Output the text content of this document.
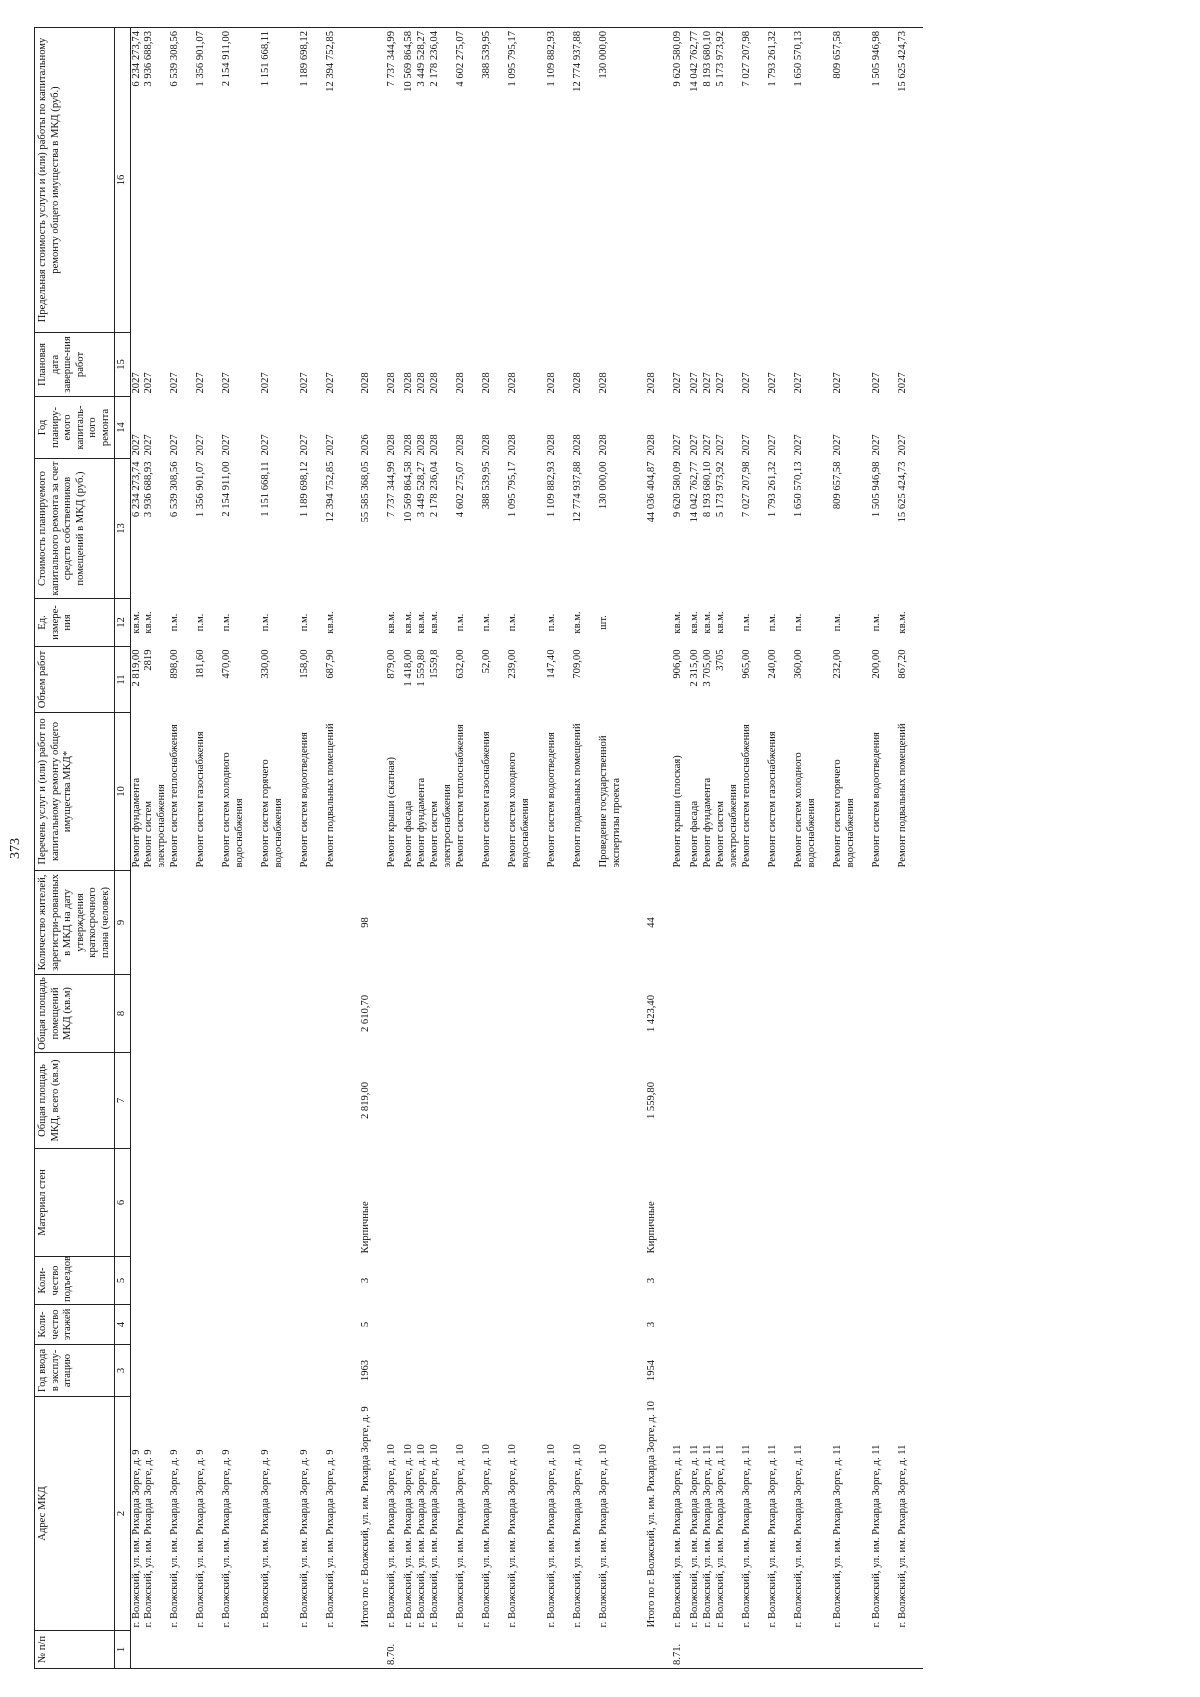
373
№ п/п	Адрес МКД	Год ввода в эксплу-атацию	Коли-чество этажей	Коли-чество подъездов	Материал стен	Общая площадь МКД, всего (кв.м)	Общая площадь помещений МКД (кв.м)	Количество жителей, зарегистри-рованных в МКД на дату утверждения краткосрочного плана (человек)	Перечень услуг и (или) работ по капитальному ремонту общего имущества МКД*	Объем работ	Ед. измере-ния	Стоимость планируемого капитального ремонта за счет средств собственников помещений в МКД (руб.)	Год планиру-емого капиталь-ного ремонта	Плановая дата заверше-ния работ	Предельная стоимость услуги и (или) работы по капитальному ремонту общего имущества в МКД (руб.)
1	2	3	4	5	6	7	8	9	10	11	12	13	14	15	16
	г. Волжский, ул. им. Рихарда Зорге, д. 9								Ремонт фундамента	2 819,00	кв.м.	6 234 273,74	2027	2027	6 234 273,74
	г. Волжский, ул. им. Рихарда Зорге, д. 9								Ремонт систем электроснабжения	2819	кв.м.	3 936 688,93	2027	2027	3 936 688,93
	г. Волжский, ул. им. Рихарда Зорге, д. 9								Ремонт систем теплоснабжения	898,00	п.м.	6 539 308,56	2027	2027	6 539 308,56
	г. Волжский, ул. им. Рихарда Зорге, д. 9								Ремонт систем газоснабжения	181,60	п.м.	1 356 901,07	2027	2027	1 356 901,07
	г. Волжский, ул. им. Рихарда Зорге, д. 9								Ремонт систем холодного водоснабжения	470,00	п.м.	2 154 911,00	2027	2027	2 154 911,00
	г. Волжский, ул. им. Рихарда Зорге, д. 9								Ремонт систем горячего водоснабжения	330,00	п.м.	1 151 668,11	2027	2027	1 151 668,11
	г. Волжский, ул. им. Рихарда Зорге, д. 9								Ремонт систем водоотведения	158,00	п.м.	1 189 698,12	2027	2027	1 189 698,12
	г. Волжский, ул. им. Рихарда Зорге, д. 9								Ремонт подвальных помещений	687,90	кв.м.	12 394 752,85	2027	2027	12 394 752,85
	Итого по г. Волжский, ул. им. Рихарда Зорге, д. 9	1963	5	3	Кирпичные	2 819,00	2 610,70	98				55 585 368,05	2026	2028	
8.70.	г. Волжский, ул. им. Рихарда Зорге, д. 10								Ремонт крыши (скатная)	879,00	кв.м.	7 737 344,99	2028	2028	7 737 344,99
	г. Волжский, ул. им. Рихарда Зорге, д. 10								Ремонт фасада	1 418,00	кв.м.	10 569 864,58	2028	2028	10 569 864,58
	г. Волжский, ул. им. Рихарда Зорге, д. 10								Ремонт фундамента	1 559,80	кв.м.	3 449 528,27	2028	2028	3 449 528,27
	г. Волжский, ул. им. Рихарда Зорге, д. 10								Ремонт систем электроснабжения	1559,8	кв.м.	2 178 236,04	2028	2028	2 178 236,04
	г. Волжский, ул. им. Рихарда Зорге, д. 10								Ремонт систем теплоснабжения	632,00	п.м.	4 602 275,07	2028	2028	4 602 275,07
	г. Волжский, ул. им. Рихарда Зорге, д. 10								Ремонт систем газоснабжения	52,00	п.м.	388 539,95	2028	2028	388 539,95
	г. Волжский, ул. им. Рихарда Зорге, д. 10								Ремонт систем холодного водоснабжения	239,00	п.м.	1 095 795,17	2028	2028	1 095 795,17
	г. Волжский, ул. им. Рихарда Зорге, д. 10								Ремонт систем водоотведения	147,40	п.м.	1 109 882,93	2028	2028	1 109 882,93
	г. Волжский, ул. им. Рихарда Зорге, д. 10								Ремонт подвальных помещений	709,00	кв.м.	12 774 937,88	2028	2028	12 774 937,88
	г. Волжский, ул. им. Рихарда Зорге, д. 10								Проведение государственной экспертизы проекта		шт.	130 000,00	2028	2028	130 000,00
	Итого по г. Волжский, ул. им. Рихарда Зорге, д. 10	1954	3	3	Кирпичные	1 559,80	1 423,40	44				44 036 404,87	2028	2028	
8.71.	г. Волжский, ул. им. Рихарда Зорге, д. 11								Ремонт крыши (плоская)	906,00	кв.м.	9 620 580,09	2027	2027	9 620 580,09
	г. Волжский, ул. им. Рихарда Зорге, д. 11								Ремонт фасада	2 315,00	кв.м.	14 042 762,77	2027	2027	14 042 762,77
	г. Волжский, ул. им. Рихарда Зорге, д. 11								Ремонт фундамента	3 705,00	кв.м.	8 193 680,10	2027	2027	8 193 680,10
	г. Волжский, ул. им. Рихарда Зорге, д. 11								Ремонт систем электроснабжения	3705	кв.м.	5 173 973,92	2027	2027	5 173 973,92
	г. Волжский, ул. им. Рихарда Зорге, д. 11								Ремонт систем теплоснабжения	965,00	п.м.	7 027 207,98	2027	2027	7 027 207,98
	г. Волжский, ул. им. Рихарда Зорге, д. 11								Ремонт систем газоснабжения	240,00	п.м.	1 793 261,32	2027	2027	1 793 261,32
	г. Волжский, ул. им. Рихарда Зорге, д. 11								Ремонт систем холодного водоснабжения	360,00	п.м.	1 650 570,13	2027	2027	1 650 570,13
	г. Волжский, ул. им. Рихарда Зорге, д. 11								Ремонт систем горячего водоснабжения	232,00	п.м.	809 657,58	2027	2027	809 657,58
	г. Волжский, ул. им. Рихарда Зорге, д. 11								Ремонт систем водоотведения	200,00	п.м.	1 505 946,98	2027	2027	1 505 946,98
	г. Волжский, ул. им. Рихарда Зорге, д. 11								Ремонт подвальных помещений	867,20	кв.м.	15 625 424,73	2027	2027	15 625 424,73
